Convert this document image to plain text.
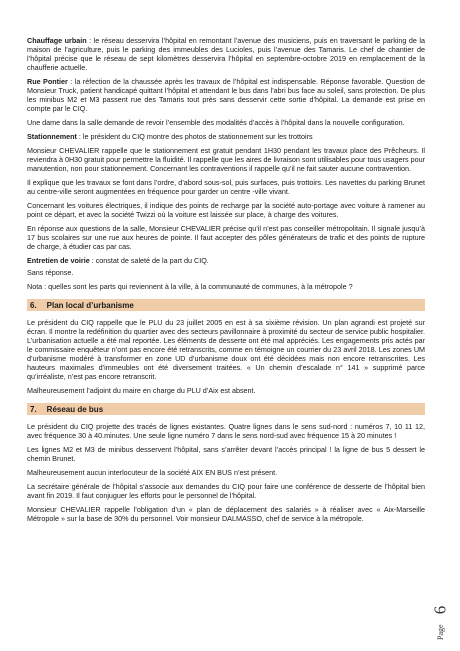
Chauffage urbain : le réseau desservira l’hôpital en remontant l’avenue des musiciens, puis en traversant le parking de la maison de l’agriculture, puis le parking des immeubles des Lucioles, puis l’avenue des Tamaris. Le chef de chantier de l’hôpital précise que le réseau de sept kilomètres desservira l’hôpital en septembre-octobre 2019 en remplacement de la chaufferie actuelle.

Rue Pontier : la réfection de la chaussée après les travaux de l’hôpital est indispensable. Réponse favorable. Question de Monsieur Truck, patient handicapé quittant l’hôpital et attendant le bus dans l’abri bus face au soleil, sans protection. De plus les minibus M2 et M3 passent rue des Tamaris tout près sans desservir cette sortie d’hôpital. La demande est prise en compte par le CIQ.

Une dame dans la salle demande de revoir l’ensemble des modalités d’accès à l’hôpital dans la nouvelle configuration.

Stationnement : le président du CIQ montre des photos de stationnement sur les trottoirs

Monsieur CHEVALIER rappelle que le stationnement est gratuit pendant 1H30 pendant les travaux place des Prêcheurs. Il reviendra à 0H30 gratuit pour permettre la fluidité. Il rappelle que les aires de livraison sont utilisables pour tous usagers pour manutention, non pour stationnement. Concernant les contraventions il rappelle qu’il ne fait sauter aucune contravention.

Il explique que les travaux se font dans l’ordre, d’abord sous-sol, puis surfaces, puis trottoirs. Les navettes du parking Brunet au centre-ville seront augmentées en fréquence pour garder un centre -ville vivant.

Concernant les voitures électriques, il indique des points de recharge par la société auto-portage avec voiture à ramener au point ce départ, et avec la société Twizzi où la voiture est laissée sur place, à charge des voitures.

En réponse aux questions de la salle, Monsieur CHEVALIER précise qu’il n’est pas conseiller métropolitain. Il signale jusqu’à 17 bus scolaires sur une rue aux heures de pointe. Il faut accepter des pôles générateurs de trafic et des points de rupture de charge, à étudier cas par cas.

Entretien de voirie : constat de saleté de la part du CIQ.

Sans réponse.

Nota : quelles sont les parts qui reviennent à la ville, à la communauté de communes, à la métropole ?

6. Plan local d’urbanisme

Le président du CIQ rappelle que le PLU du 23 juillet 2005 en est à sa sixième révision. Un plan agrandi est projeté sur écran. Il montre la redéfinition du quartier avec des secteurs pavillonnaire à proximité du secteur de service public hospitalier. L’urbanisation actuelle a été mal reportée. Les éléments de desserte ont été mal appréciés. Les engagements pris actés par le commissaire enquêteur n’ont pas encore été retranscrits, comme en témoigne un courrier du 23 avril 2018. Les zones UM d’urbanisme modéré à transformer en zone UD d’urbanisme doux ont été décidées mais non encore retranscrites. Les hauteurs maximales d’immeubles ont été diversement traitées. « Un chemin d’escalade n° 141 » supprimé parce qu’irréaliste, n’est pas encore retranscrit.

Malheureusement l’adjoint du maire en charge du PLU d’Aix est absent.

7. Réseau de bus

Le président du CIQ projette des tracés de lignes existantes. Quatre lignes dans le sens sud-nord : numéros 7, 10 11 12, avec fréquence 30 à 40.minutes. Une seule ligne numéro 7 dans le sens nord-sud avec fréquence 15 à 20 minutes !

Les lignes M2 et M3 de minibus desservent l’hôpital, sans s’arrêter devant l’accès principal ! la ligne de bus 5 dessert le chemin Brunet.

Malheureusement aucun interlocuteur de la société AIX EN BUS n’est présent.

La secrétaire générale de l’hôpital s’associe aux demandes du CIQ pour faire une conférence de desserte de l’hôpital bien avant fin 2019. Il faut conjuguer les efforts pour le personnel de l’hôpital.

Monsieur CHEVALIER rappelle l’obligation d’un « plan de déplacement des salariés » à réaliser avec « Aix-Marseille Métropole » sur la base de 30% du personnel. Voir monsieur DALMASSO, chef de service à la métropole.

6
Page
